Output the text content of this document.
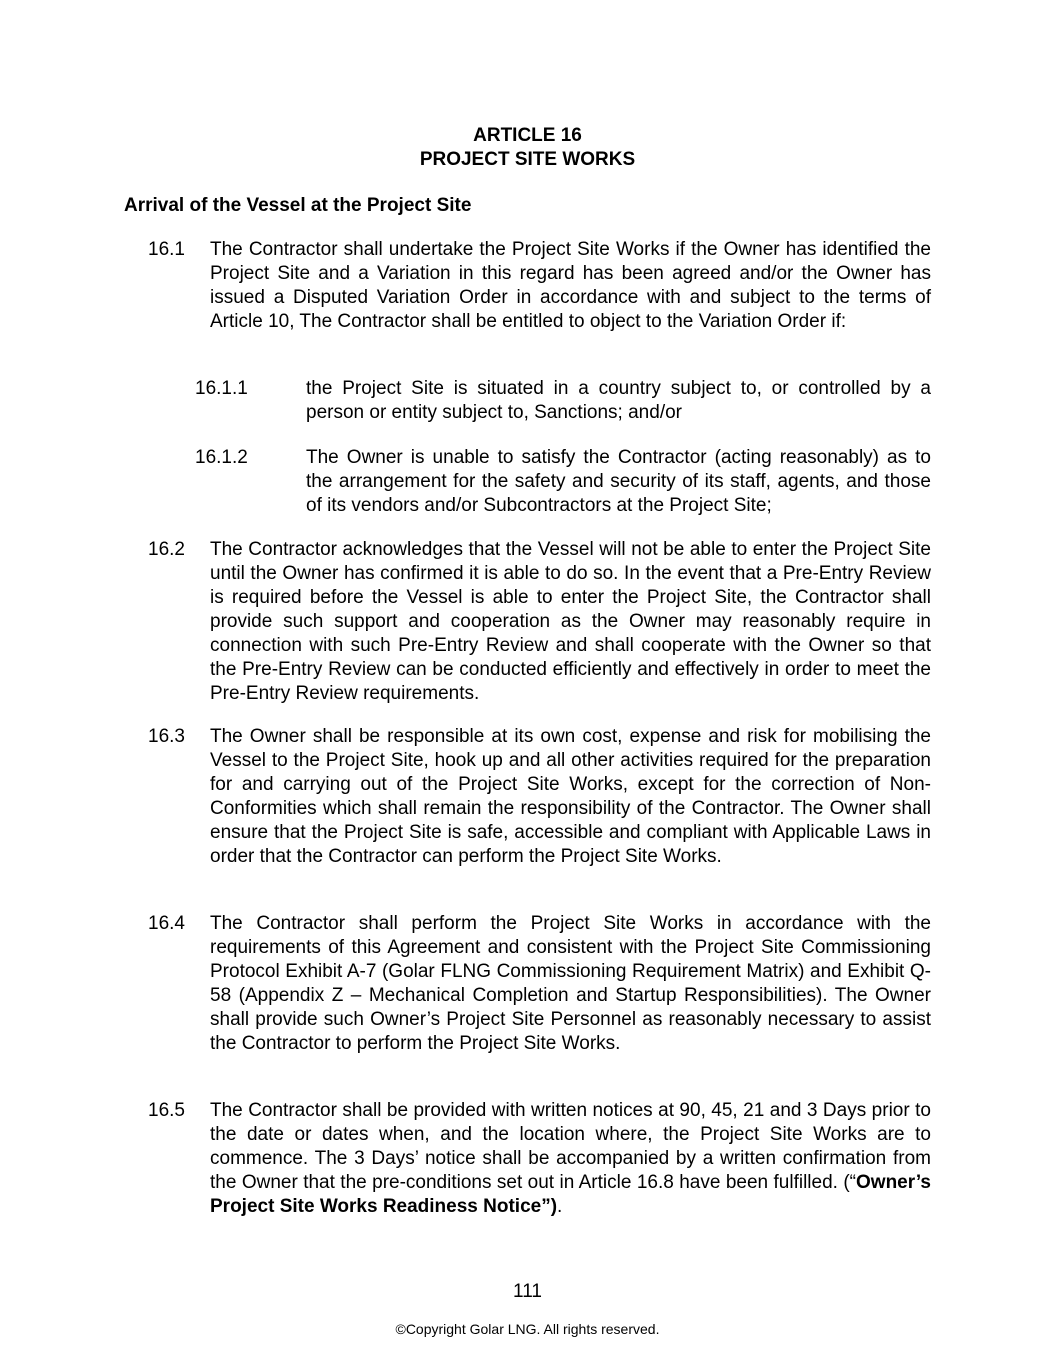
ARTICLE 16
PROJECT SITE WORKS
Arrival of the Vessel at the Project Site
16.1 The Contractor shall undertake the Project Site Works if the Owner has identified the Project Site and a Variation in this regard has been agreed and/or the Owner has issued a Disputed Variation Order in accordance with and subject to the terms of Article 10, The Contractor shall be entitled to object to the Variation Order if:
16.1.1	the Project Site is situated in a country subject to, or controlled by a person or entity subject to, Sanctions; and/or
16.1.2	The Owner is unable to satisfy the Contractor (acting reasonably) as to the arrangement for the safety and security of its staff, agents, and those of its vendors and/or Subcontractors at the Project Site;
16.2 The Contractor acknowledges that the Vessel will not be able to enter the Project Site until the Owner has confirmed it is able to do so. In the event that a Pre-Entry Review is required before the Vessel is able to enter the Project Site, the Contractor shall provide such support and cooperation as the Owner may reasonably require in connection with such Pre-Entry Review and shall cooperate with the Owner so that the Pre-Entry Review can be conducted efficiently and effectively in order to meet the Pre-Entry Review requirements.
16.3 The Owner shall be responsible at its own cost, expense and risk for mobilising the Vessel to the Project Site, hook up and all other activities required for the preparation for and carrying out of the Project Site Works, except for the correction of Non-Conformities which shall remain the responsibility of the Contractor. The Owner shall ensure that the Project Site is safe, accessible and compliant with Applicable Laws in order that the Contractor can perform the Project Site Works.
16.4 The Contractor shall perform the Project Site Works in accordance with the requirements of this Agreement and consistent with the Project Site Commissioning Protocol Exhibit A-7 (Golar FLNG Commissioning Requirement Matrix) and Exhibit Q-58 (Appendix Z – Mechanical Completion and Startup Responsibilities). The Owner shall provide such Owner’s Project Site Personnel as reasonably necessary to assist the Contractor to perform the Project Site Works.
16.5 The Contractor shall be provided with written notices at 90, 45, 21 and 3 Days prior to the date or dates when, and the location where, the Project Site Works are to commence. The 3 Days’ notice shall be accompanied by a written confirmation from the Owner that the pre-conditions set out in Article 16.8 have been fulfilled. (“Owner’s Project Site Works Readiness Notice”).
111
©Copyright Golar LNG. All rights reserved.
